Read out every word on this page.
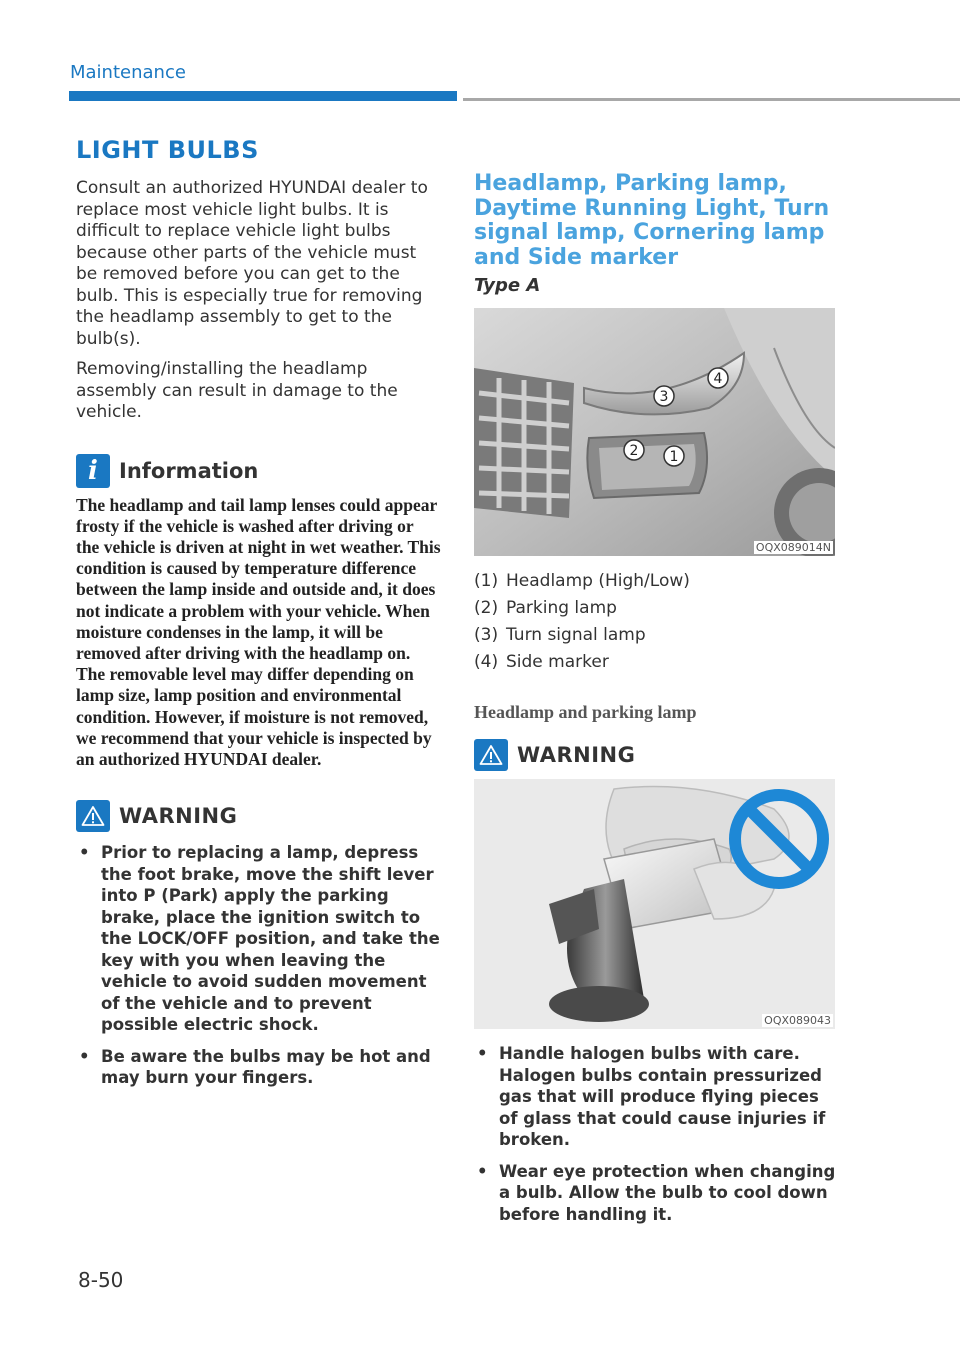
Maintenance
LIGHT BULBS

Consult an authorized HYUNDAI dealer to replace most vehicle light bulbs. It is difficult to replace vehicle light bulbs because other parts of the vehicle must be removed before you can get to the bulb. This is especially true for removing the headlamp assembly to get to the bulb(s).

Removing/installing the headlamp assembly can result in damage to the vehicle.

i	Information

The headlamp and tail lamp lenses could appear frosty if the vehicle is washed after driving or the vehicle is driven at night in wet weather. This condition is caused by temperature difference between the lamp inside and outside and, it does not indicate a problem with your vehicle. When moisture condenses in the lamp, it will be removed after driving with the headlamp on. The removable level may differ depending on lamp size, lamp position and environmental condition. However, if moisture is not removed, we recommend that your vehicle is inspected by an authorized HYUNDAI dealer.

WARNING
• Prior to replacing a lamp, depress the foot brake, move the shift lever into P (Park) apply the parking brake, place the ignition switch to the LOCK/OFF position, and take the key with you when leaving the vehicle to avoid sudden movement of the vehicle and to prevent possible electric shock.
• Be aware the bulbs may be hot and may burn your fingers.
Headlamp, Parking lamp, Daytime Running Light, Turn signal lamp, Cornering lamp and Side marker
Type A
3
4
2 1
OQX089014N
(1) Headlamp (High/Low)
(2) Parking lamp
(3) Turn signal lamp
(4) Side marker
Headlamp and parking lamp
WARNING
OQX089043
• Handle halogen bulbs with care. Halogen bulbs contain pressurized gas that will produce flying pieces of glass that could cause injuries if broken.
• Wear eye protection when changing a bulb. Allow the bulb to cool down before handling it.
8-50
